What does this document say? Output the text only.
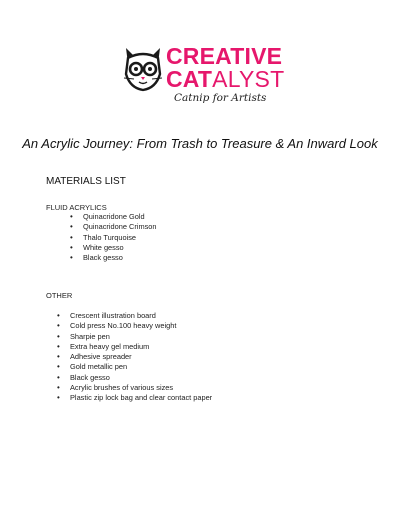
CREATIVE
CATALYST
Catnip for Artists
An Acrylic Journey: From Trash to Treasure & An Inward Look
MATERIALS LIST
FLUID ACRYLICS
• Quinacridone Gold
• Quinacridone Crimson
• Thalo Turquoise
• White gesso
• Black gesso
OTHER
• Crescent illustration board
• Cold press No.100 heavy weight
• Sharpie pen
• Extra heavy gel medium
• Adhesive spreader
• Gold metallic pen
• Black gesso
• Acrylic brushes of various sizes
• Plastic zip lock bag and clear contact paper
